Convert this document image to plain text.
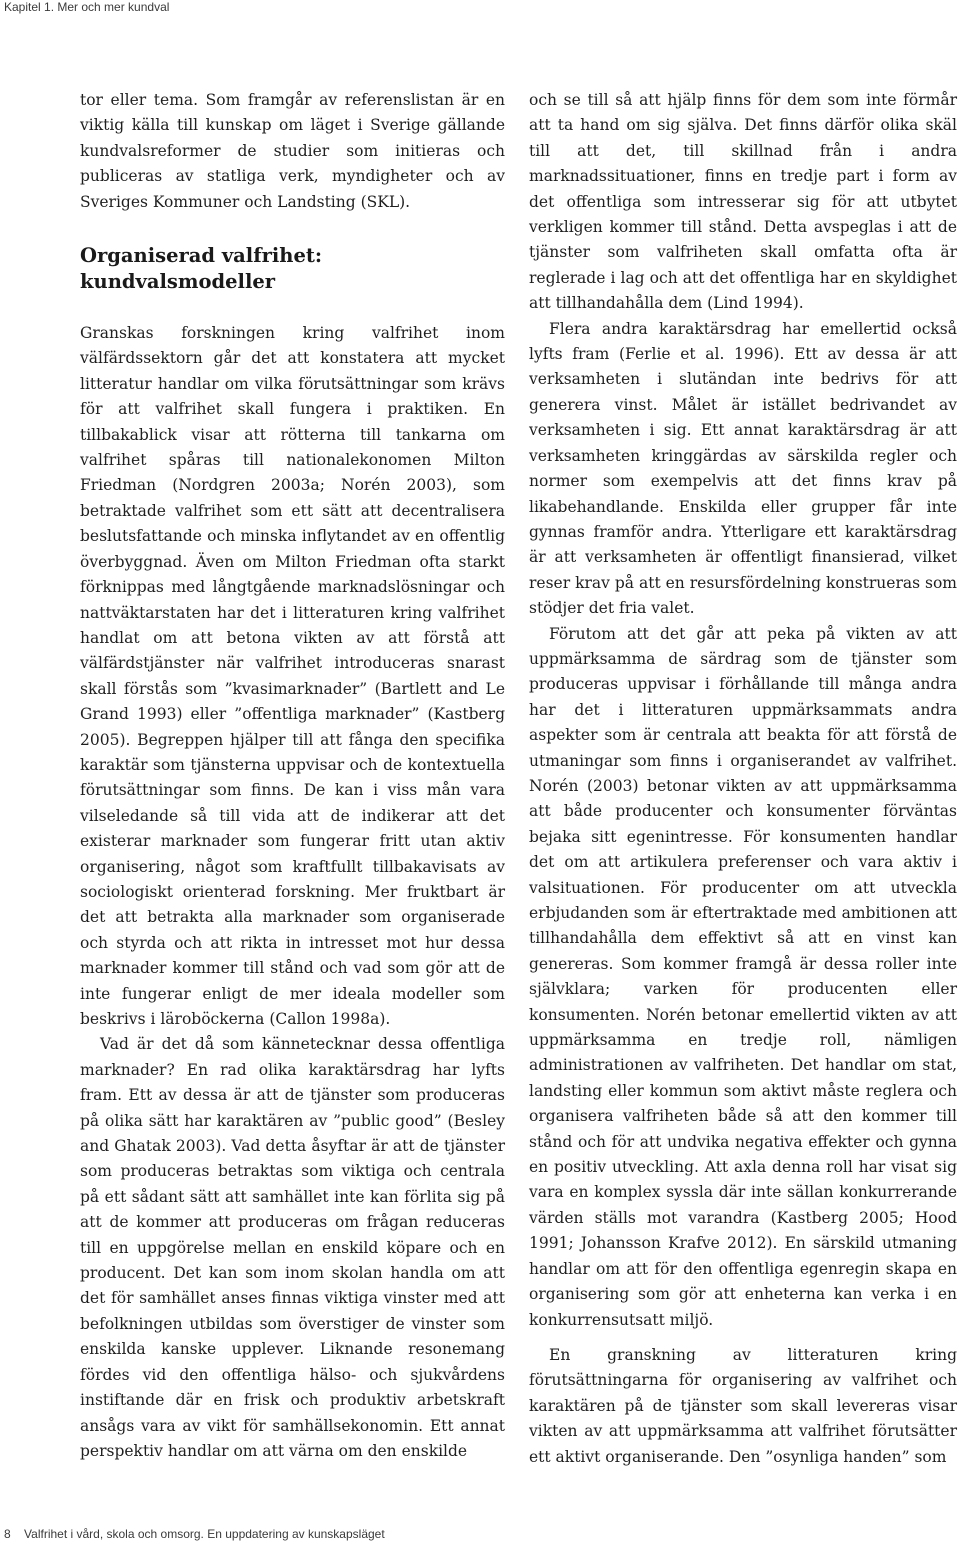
Kapitel 1. Mer och mer kundval

tor eller tema. Som framgår av referenslistan är en viktig källa till kunskap om läget i Sverige gällande kundvalsreformer de studier som initieras och publiceras av statliga verk, myndigheter och av Sveriges Kommuner och Landsting (SKL).

Organiserad valfrihet: kundvalsmodeller

Granskas forskningen kring valfrihet inom välfärdssektorn går det att konstatera att mycket litteratur handlar om vilka förutsättningar som krävs för att valfrihet skall fungera i praktiken. En tillbakablick visar att rötterna till tankarna om valfrihet spåras till nationalekonomen Milton Friedman (Nordgren 2003a; Norén 2003), som betraktade valfrihet som ett sätt att decentralisera beslutsfattande och minska inflytandet av en offentlig överbyggnad. Även om Milton Friedman ofta starkt förknippas med långtgående marknadslösningar och nattväktarstaten har det i litteraturen kring valfrihet handlat om att betona vikten av att förstå att välfärdstjänster när valfrihet introduceras snarast skall förstås som ”kvasimarknader” (Bartlett and Le Grand 1993) eller ”offentliga marknader” (Kastberg 2005). Begreppen hjälper till att fånga den specifika karaktär som tjänsterna uppvisar och de kontextuella förutsättningar som finns. De kan i viss mån vara vilseledande så till vida att de indikerar att det existerar marknader som fungerar fritt utan aktiv organisering, något som kraftfullt tillbakavisats av sociologiskt orienterad forskning. Mer fruktbart är det att betrakta alla marknader som organiserade och styrda och att rikta in intresset mot hur dessa marknader kommer till stånd och vad som gör att de inte fungerar enligt de mer ideala modeller som beskrivs i läroböckerna (Callon 1998a).

Vad är det då som kännetecknar dessa offentliga marknader? En rad olika karaktärsdrag har lyfts fram. Ett av dessa är att de tjänster som produceras på olika sätt har karaktären av ”public good” (Besley and Ghatak 2003). Vad detta åsyftar är att de tjänster som produceras betraktas som viktiga och centrala på ett sådant sätt att samhället inte kan förlita sig på att de kommer att produceras om frågan reduceras till en uppgörelse mellan en enskild köpare och en producent. Det kan som inom skolan handla om att det för samhället anses finnas viktiga vinster med att befolkningen utbildas som överstiger de vinster som enskilda kanske upplever. Liknande resonemang fördes vid den offentliga hälso- och sjukvårdens instiftande där en frisk och produktiv arbetskraft ansågs vara av vikt för samhällsekonomin. Ett annat perspektiv handlar om att värna om den enskilde

och se till så att hjälp finns för dem som inte förmår att ta hand om sig själva. Det finns därför olika skäl till att det, till skillnad från i andra marknadssituationer, finns en tredje part i form av det offentliga som intresserar sig för att utbytet verkligen kommer till stånd. Detta avspeglas i att de tjänster som valfriheten skall omfatta ofta är reglerade i lag och att det offentliga har en skyldighet att tillhandahålla dem (Lind 1994).

Flera andra karaktärsdrag har emellertid också lyfts fram (Ferlie et al. 1996). Ett av dessa är att verksamheten i slutändan inte bedrivs för att generera vinst. Målet är istället bedrivandet av verksamheten i sig. Ett annat karaktärsdrag är att verksamheten kringgärdas av särskilda regler och normer som exempelvis att det finns krav på likabehandlande. Enskilda eller grupper får inte gynnas framför andra. Ytterligare ett karaktärsdrag är att verksamheten är offentligt finansierad, vilket reser krav på att en resursfördelning konstrueras som stödjer det fria valet.

Förutom att det går att peka på vikten av att uppmärksamma de särdrag som de tjänster som produceras uppvisar i förhållande till många andra har det i litteraturen uppmärksammats andra aspekter som är centrala att beakta för att förstå de utmaningar som finns i organiserandet av valfrihet. Norén (2003) betonar vikten av att uppmärksamma att både producenter och konsumenter förväntas bejaka sitt egenintresse. För konsumenten handlar det om att artikulera preferenser och vara aktiv i valsituationen. För producenter om att utveckla erbjudanden som är eftertraktade med ambitionen att tillhandahålla dem effektivt så att en vinst kan genereras. Som kommer framgå är dessa roller inte självklara; varken för producenten eller konsumenten. Norén betonar emellertid vikten av att uppmärksamma en tredje roll, nämligen administrationen av valfriheten. Det handlar om stat, landsting eller kommun som aktivt måste reglera och organisera valfriheten både så att den kommer till stånd och för att undvika negativa effekter och gynna en positiv utveckling. Att axla denna roll har visat sig vara en komplex syssla där inte sällan konkurrerande värden ställs mot varandra (Kastberg 2005; Hood 1991; Johansson Krafve 2012). En särskild utmaning handlar om att för den offentliga egenregin skapa en organisering som gör att enheterna kan verka i en konkurrensutsatt miljö.

En granskning av litteraturen kring förutsättningarna för organisering av valfrihet och karaktären på de tjänster som skall levereras visar vikten av att uppmärksamma att valfrihet förutsätter ett aktivt organiserande. Den ”osynliga handen” som

8 Valfrihet i vård, skola och omsorg. En uppdatering av kunskapsläget
